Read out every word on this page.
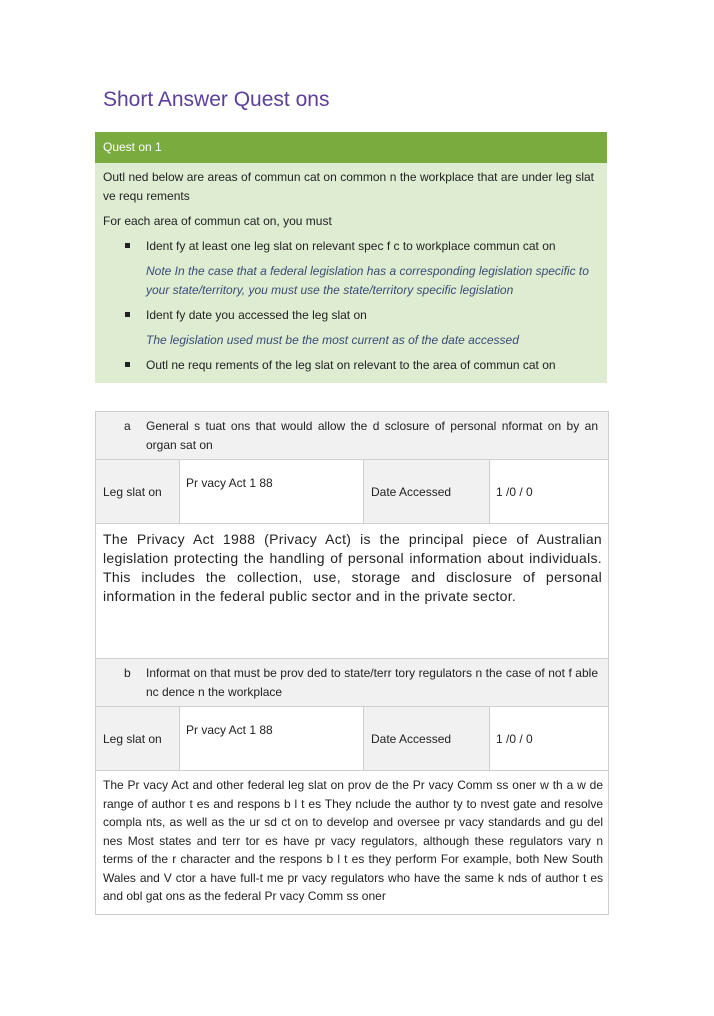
Short Answer Quest ons
Quest on 1

Outl ned below are areas of commun cat on common n the workplace that are under leg slat ve requ rements

For each area of commun cat on, you must

Ident fy at least one leg slat on relevant spec f c to workplace commun cat on
Note In the case that a federal legislation has a corresponding legislation specific to your state/territory, you must use the state/territory specific legislation
Ident fy date you accessed the leg slat on
The legislation used must be the most current as of the date accessed
Outl ne requ rements of the leg slat on relevant to the area of commun cat on
a General s tuat ons that would allow the d sclosure of personal nformat on by an organ sat on
Leg slat on
Pr vacy Act 1 88
Date Accessed	1 /0 / 0
The Privacy Act 1988 (Privacy Act) is the principal piece of Australian legislation protecting the handling of personal information about individuals. This includes the collection, use, storage and disclosure of personal information in the federal public sector and in the private sector.
b Informat on that must be prov ded to state/terr tory regulators n the case of not f able nc dence n the workplace
Leg slat on
Pr vacy Act 1 88
Date Accessed	1 /0 / 0
The Pr vacy Act and other federal leg slat on prov de the Pr vacy Comm ss oner w th a w de range of author t es and respons b l t es They nclude the author ty to nvest gate and resolve compla nts, as well as the ur sd ct on to develop and oversee pr vacy standards and gu del nes Most states and terr tor es have pr vacy regulators, although these regulators vary n terms of the r character and the respons b l t es they perform For example, both New South Wales and V ctor a have full-t me pr vacy regulators who have the same k nds of author t es and obl gat ons as the federal Pr vacy Comm ss oner
